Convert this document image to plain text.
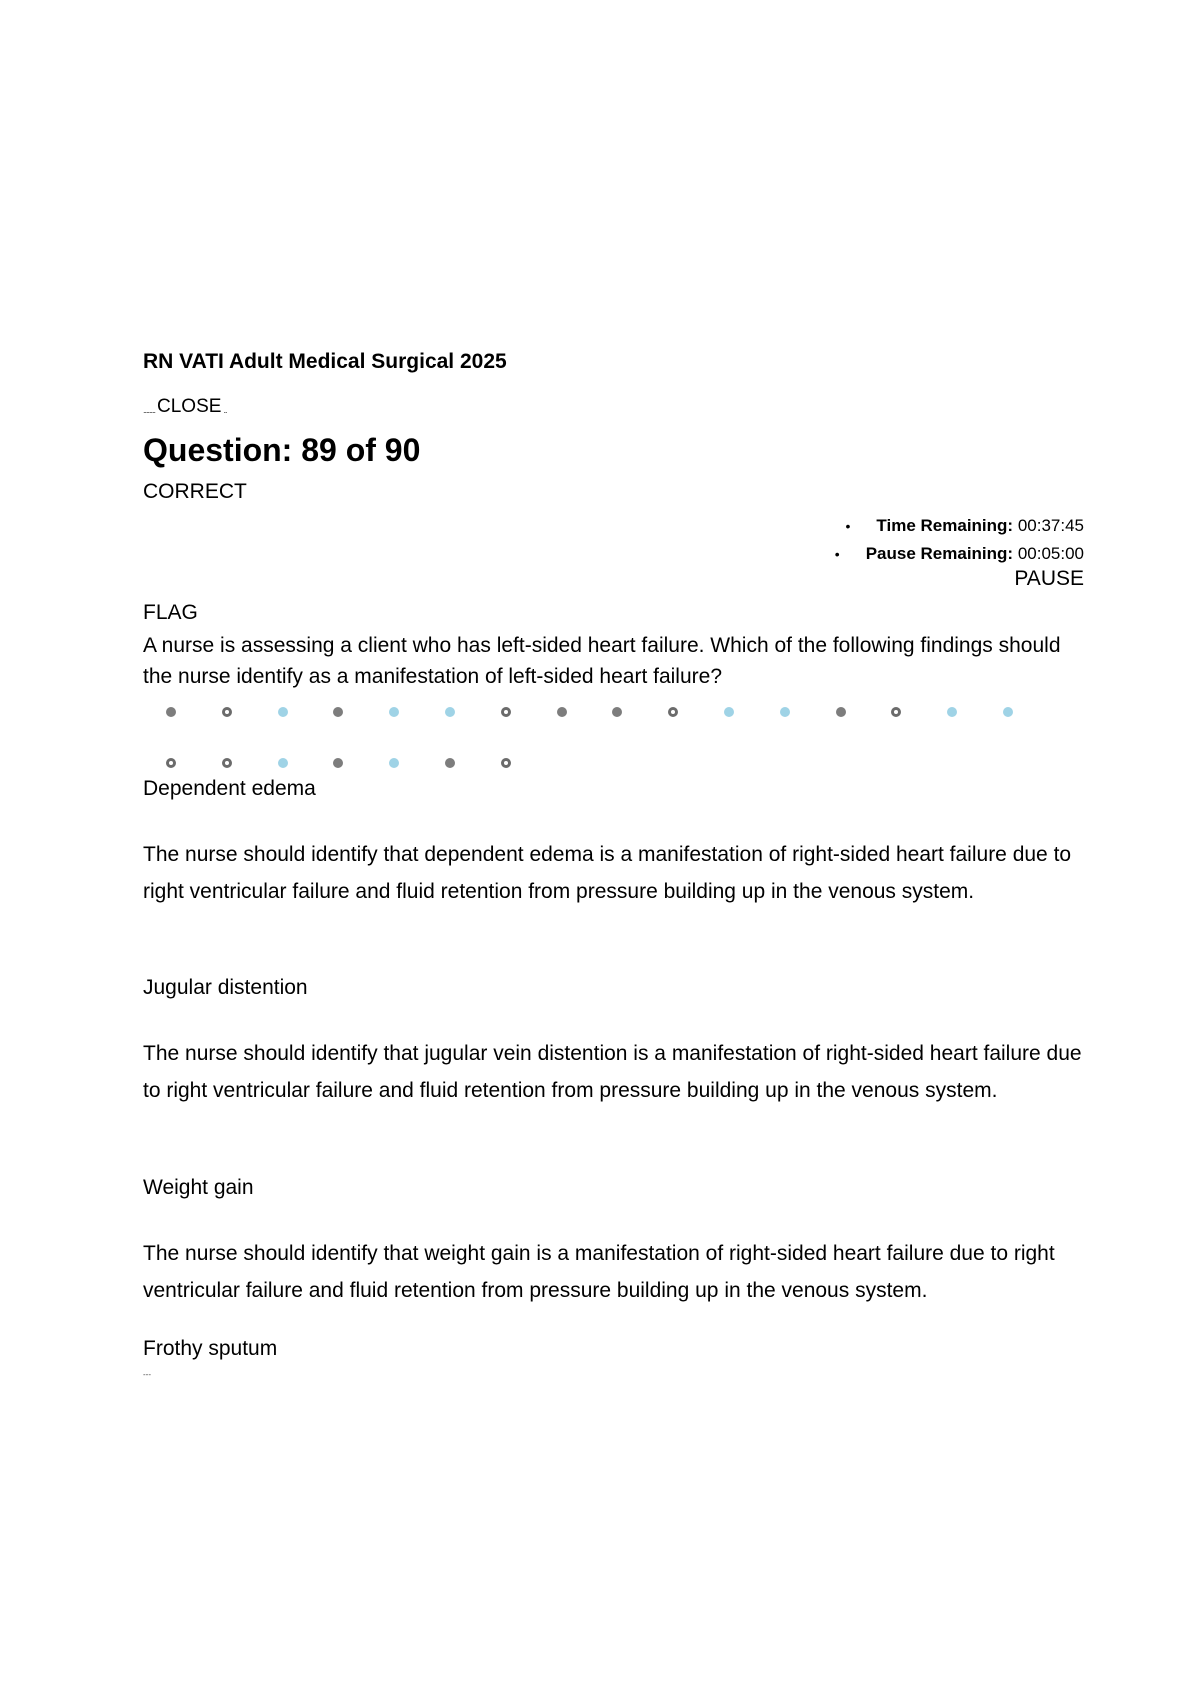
RN VATI Adult Medical Surgical 2025
........ CLOSE ..
Question: 89 of 90
CORRECT
• Time Remaining: 00:37:45
• Pause Remaining: 00:05:00
PAUSE
FLAG
A nurse is assessing a client who has left-sided heart failure. Which of the following findings should the nurse identify as a manifestation of left-sided heart failure?
Dependent edema
The nurse should identify that dependent edema is a manifestation of right-sided heart failure due to right ventricular failure and fluid retention from pressure building up in the venous system.
Jugular distention
The nurse should identify that jugular vein distention is a manifestation of right-sided heart failure due to right ventricular failure and fluid retention from pressure building up in the venous system.
Weight gain
The nurse should identify that weight gain is a manifestation of right-sided heart failure due to right ventricular failure and fluid retention from pressure building up in the venous system.
Frothy sputum
---
